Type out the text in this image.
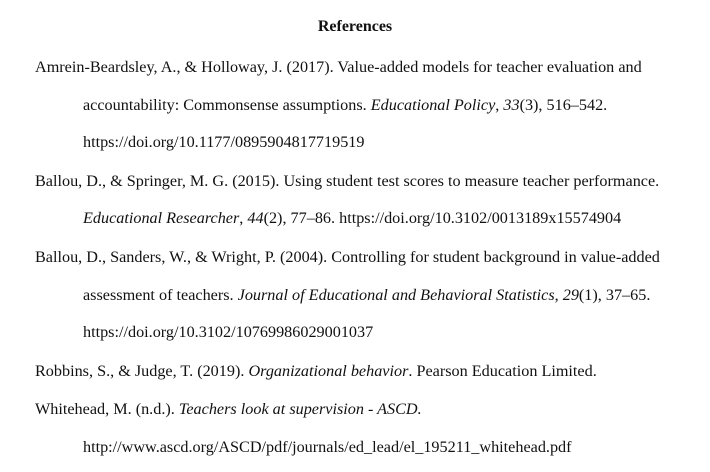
References
Amrein-Beardsley, A., & Holloway, J. (2017). Value-added models for teacher evaluation and
accountability: Commonsense assumptions. Educational Policy, 33(3), 516–542.
https://doi.org/10.1177/0895904817719519
Ballou, D., & Springer, M. G. (2015). Using student test scores to measure teacher performance.
Educational Researcher, 44(2), 77–86. https://doi.org/10.3102/0013189x15574904
Ballou, D., Sanders, W., & Wright, P. (2004). Controlling for student background in value-added
assessment of teachers. Journal of Educational and Behavioral Statistics, 29(1), 37–65.
https://doi.org/10.3102/10769986029001037
Robbins, S., & Judge, T. (2019). Organizational behavior. Pearson Education Limited.
Whitehead, M. (n.d.). Teachers look at supervision - ASCD.
http://www.ascd.org/ASCD/pdf/journals/ed_lead/el_195211_whitehead.pdf
